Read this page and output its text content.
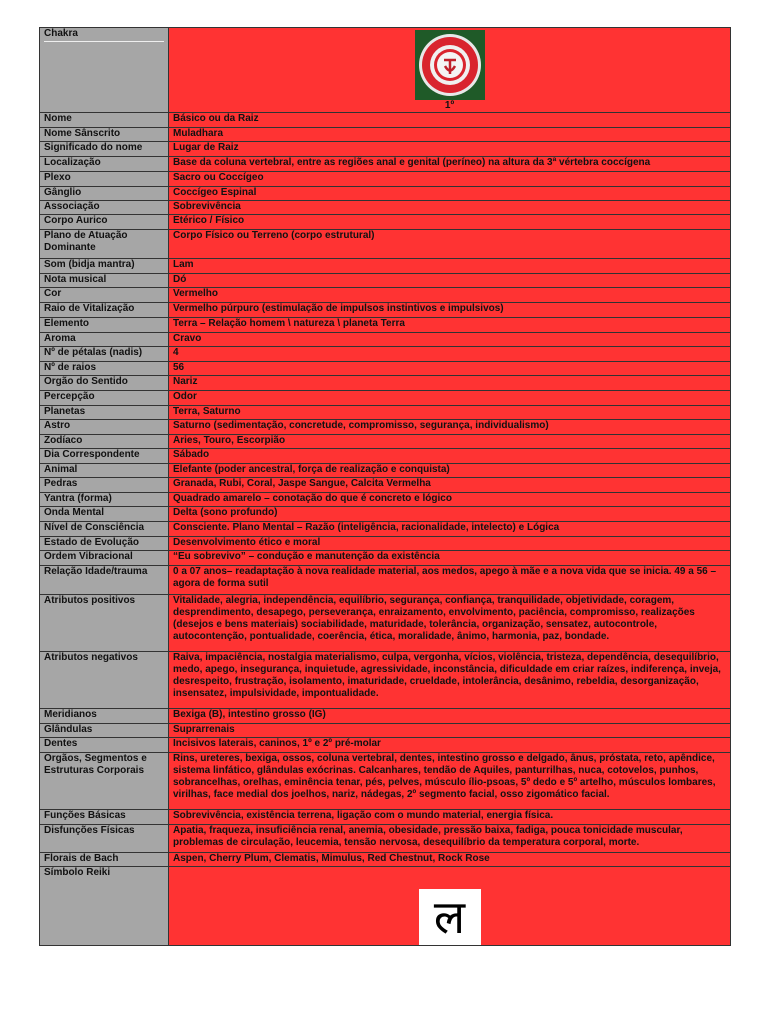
Chakra	1º

Nome	Básico ou da Raiz
Nome Sânscrito	Muladhara
Significado do nome	Lugar de Raiz
Localização	Base da coluna vertebral, entre as regiões anal e genital (períneo) na altura da 3ª vértebra coccígena
Plexo	Sacro ou Coccígeo
Gânglio	Coccígeo Espinal
Associação	Sobrevivência
Corpo Aurico	Etérico / Físico
Plano de Atuação Dominante	Corpo Físico ou Terreno (corpo estrutural)
Som (bidja mantra)	Lam
Nota musical	Dó
Cor	Vermelho
Raio de Vitalização	Vermelho púrpuro (estimulação de impulsos instintivos e impulsivos)
Elemento	Terra – Relação homem \ natureza \ planeta Terra
Aroma	Cravo
Nº de pétalas (nadis)	4
Nº de raios	56
Orgão do Sentido	Nariz
Percepção	Odor
Planetas	Terra, Saturno
Astro	Saturno (sedimentação, concretude, compromisso, segurança, individualismo)
Zodíaco	Áries, Touro, Escorpião
Dia Correspondente	Sábado
Animal	Elefante (poder ancestral, força de realização e conquista)
Pedras	Granada, Rubi, Coral, Jaspe Sangue, Calcita Vermelha
Yantra (forma)	Quadrado amarelo – conotação do que é concreto e lógico
Onda Mental	Delta (sono profundo)
Nível de Consciência	Consciente. Plano Mental – Razão (inteligência, racionalidade, intelecto) e Lógica
Estado de Evolução	Desenvolvimento ético e moral
Ordem Vibracional	“Eu sobrevivo” – condução e manutenção da existência
Relação Idade/trauma	0 a 07 anos– readaptação à nova realidade material, aos medos, apego à mãe e a nova vida que se inicia. 49 a 56 – agora de forma sutil
Atributos positivos	Vitalidade, alegria, independência, equilíbrio, segurança, confiança, tranquilidade, objetividade, coragem, desprendimento, desapego, perseverança, enraizamento, envolvimento, paciência, compromisso, realizações (desejos e bens materiais) sociabilidade, maturidade, tolerância, organização, sensatez, autocontrole, autocontenção, pontualidade, coerência, ética, moralidade, ânimo, harmonia, paz, bondade.
Atributos negativos	Raiva, impaciência, nostalgia materialismo, culpa, vergonha, vícios, violência, tristeza, dependência, desequilíbrio, medo, apego, insegurança, inquietude, agressividade, inconstância, dificuldade em criar raízes, indiferença, inveja, desrespeito, frustração, isolamento, imaturidade, crueldade, intolerância, desânimo, rebeldia, desorganização, insensatez, impulsividade, impontualidade.
Meridianos	Bexiga (B), intestino grosso (IG)
Glândulas	Suprarrenais
Dentes	Incisivos laterais, caninos, 1º e 2º pré-molar
Orgãos, Segmentos e Estruturas Corporais	Rins, ureteres, bexiga, ossos, coluna vertebral, dentes, intestino grosso e delgado, ânus, próstata, reto, apêndice, sistema linfático, glândulas exócrinas. Calcanhares, tendão de Aquiles, panturrilhas, nuca, cotovelos, punhos, sobrancelhas, orelhas, eminência tenar, pés, pelves, músculo ílio-psoas, 5º dedo e 5º artelho, músculos lombares, virilhas, face medial dos joelhos, nariz, nádegas, 2º segmento facial, osso zigomático facial.
Funções Básicas	Sobrevivência, existência terrena, ligação com o mundo material, energia física.
Disfunções Físicas	Apatia, fraqueza, insuficiência renal, anemia, obesidade, pressão baixa, fadiga, pouca tonicidade muscular, problemas de circulação, leucemia, tensão nervosa, desequilíbrio da temperatura corporal, morte.
Florais de Bach	Aspen, Cherry Plum, Clematis, Mimulus, Red Chestnut, Rock Rose
Símbolo Reiki	ल
